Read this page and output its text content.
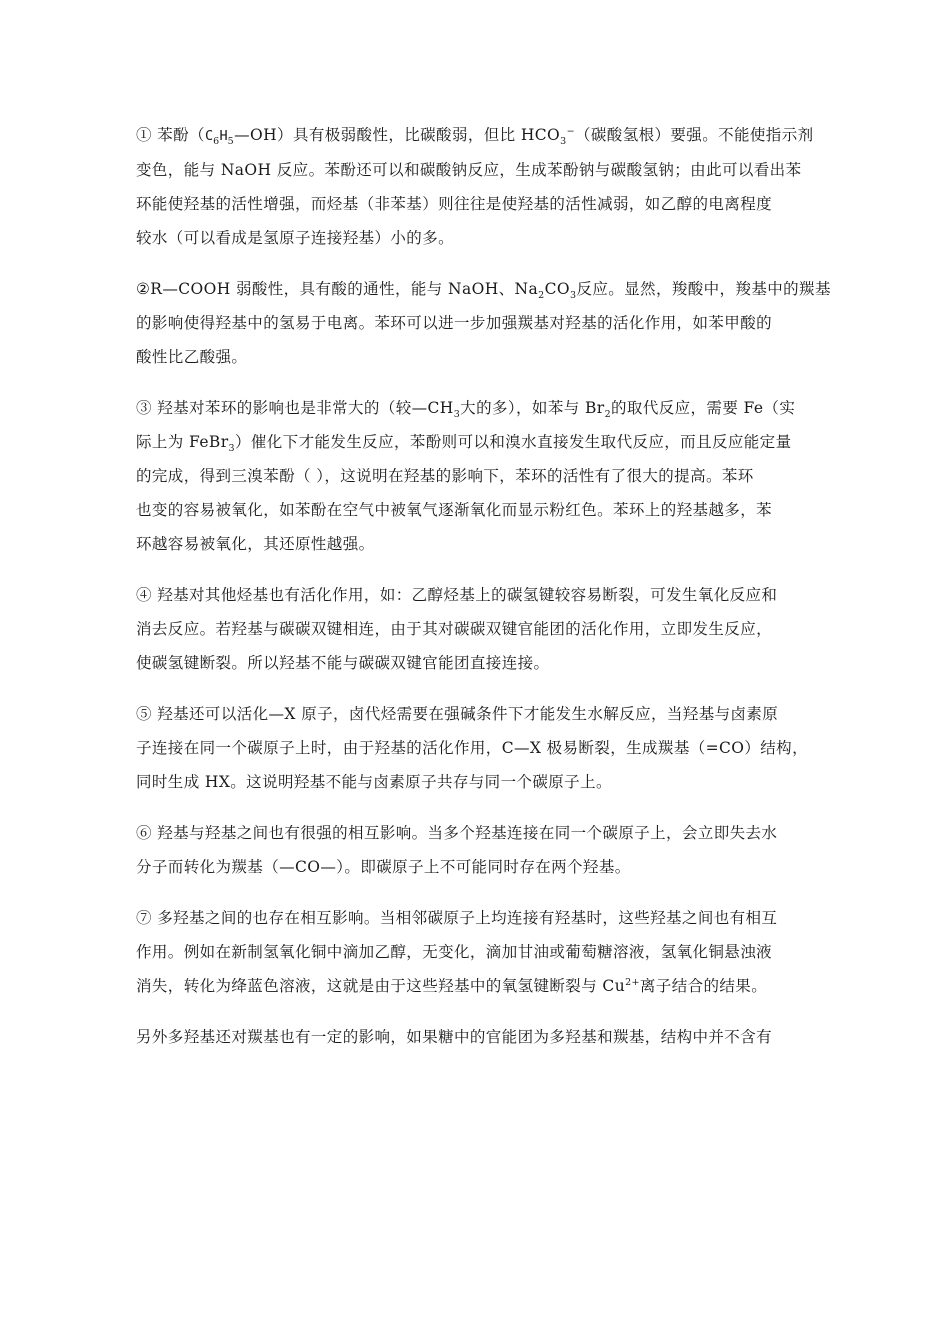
① 苯酚$(C_6H_5—OH)$具有极弱酸性，比碳酸弱，但比 $HCO_3^-$（碳酸氢根）要强。不能使指示剂
变色，能与 NaOH 反应。苯酚还可以和碳酸钠反应，生成苯酚钠与碳酸氢钠；由此可以看出苯
环能使羟基的活性增强，而烃基（非苯基）则往往是使羟基的活性减弱，如乙醇的电离程度
较水（可以看成是氢原子连接羟基）小的多。

②R—COOH 弱酸性，具有酸的通性，能与 NaOH、$Na_2CO_3$反应。显然，羧酸中，羧基中的羰基
的影响使得羟基中的氢易于电离。苯环可以进一步加强羰基对羟基的活化作用，如苯甲酸的
酸性比乙酸强。

③ 羟基对苯环的影响也是非常大的（较$—CH_3$大的多），如苯与 $Br_2$的取代反应，需要 Fe（实
际上为 FeBr$_3$）催化下才能发生反应，苯酚则可以和溴水直接发生取代反应，而且反应能定量
的完成，得到三溴苯酚（ ），这说明在羟基的影响下，苯环的活性有了很大的提高。苯环
也变的容易被氧化，如苯酚在空气中被氧气逐渐氧化而显示粉红色。苯环上的羟基越多，苯
环越容易被氧化，其还原性越强。

④ 羟基对其他烃基也有活化作用，如：乙醇烃基上的碳氢键较容易断裂，可发生氧化反应和
消去反应。若羟基与碳碳双键相连，由于其对碳碳双键官能团的活化作用，立即发生反应，
使碳氢键断裂。所以羟基不能与碳碳双键官能团直接连接。

⑤ 羟基还可以活化—X 原子，卤代烃需要在强碱条件下才能发生水解反应，当羟基与卤素原
子连接在同一个碳原子上时，由于羟基的活化作用，C—X 极易断裂，生成羰基（=CO）结构，
同时生成 HX。这说明羟基不能与卤素原子共存与同一个碳原子上。

⑥ 羟基与羟基之间也有很强的相互影响。当多个羟基连接在同一个碳原子上，会立即失去水
分子而转化为羰基（—CO—）。即碳原子上不可能同时存在两个羟基。

⑦ 多羟基之间的也存在相互影响。当相邻碳原子上均连接有羟基时，这些羟基之间也有相互
作用。例如在新制氢氧化铜中滴加乙醇，无变化，滴加甘油或葡萄糖溶液，氢氧化铜悬浊液
消失，转化为绛蓝色溶液，这就是由于这些羟基中的氧氢键断裂与 $Cu^{2+}$离子结合的结果。

另外多羟基还对羰基也有一定的影响，如果糖中的官能团为多羟基和羰基，结构中并不含有
